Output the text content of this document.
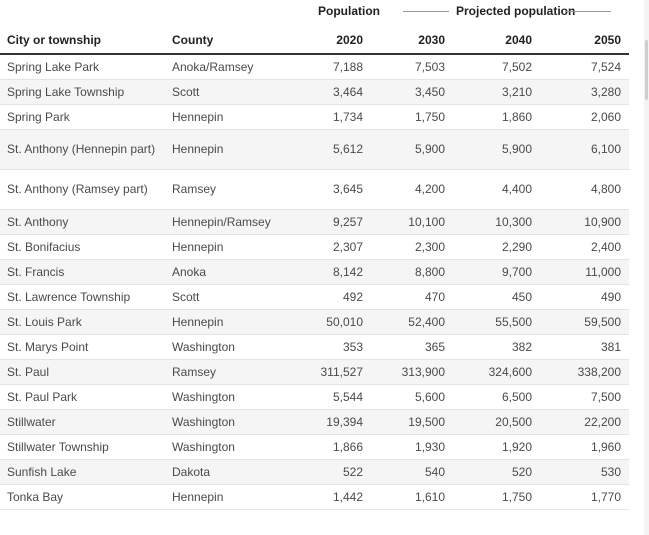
Population	Projected population
City or township	County	2020	2030	2040	2050

Spring Lake Park	Anoka/Ramsey	7,188	7,503	7,502	7,524

Spring Lake Township	Scott	3,464	3,450	3,210	3,280

Spring Park	Hennepin	1,734	1,750	1,860	2,060

St. Anthony (Hennepin part)	Hennepin	5,612	5,900	5,900	6,100

St. Anthony (Ramsey part)	Ramsey	3,645	4,200	4,400	4,800

St. Anthony	Hennepin/Ramsey	9,257	10,100	10,300	10,900

St. Bonifacius	Hennepin	2,307	2,300	2,290	2,400

St. Francis	Anoka	8,142	8,800	9,700	11,000

St. Lawrence Township	Scott	492	470	450	490

St. Louis Park	Hennepin	50,010	52,400	55,500	59,500

St. Marys Point	Washington	353	365	382	381

St. Paul	Ramsey	311,527	313,900	324,600	338,200

St. Paul Park	Washington	5,544	5,600	6,500	7,500

Stillwater	Washington	19,394	19,500	20,500	22,200

Stillwater Township	Washington	1,866	1,930	1,920	1,960

Sunfish Lake	Dakota	522	540	520	530

Tonka Bay	Hennepin	1,442	1,610	1,750	1,770
